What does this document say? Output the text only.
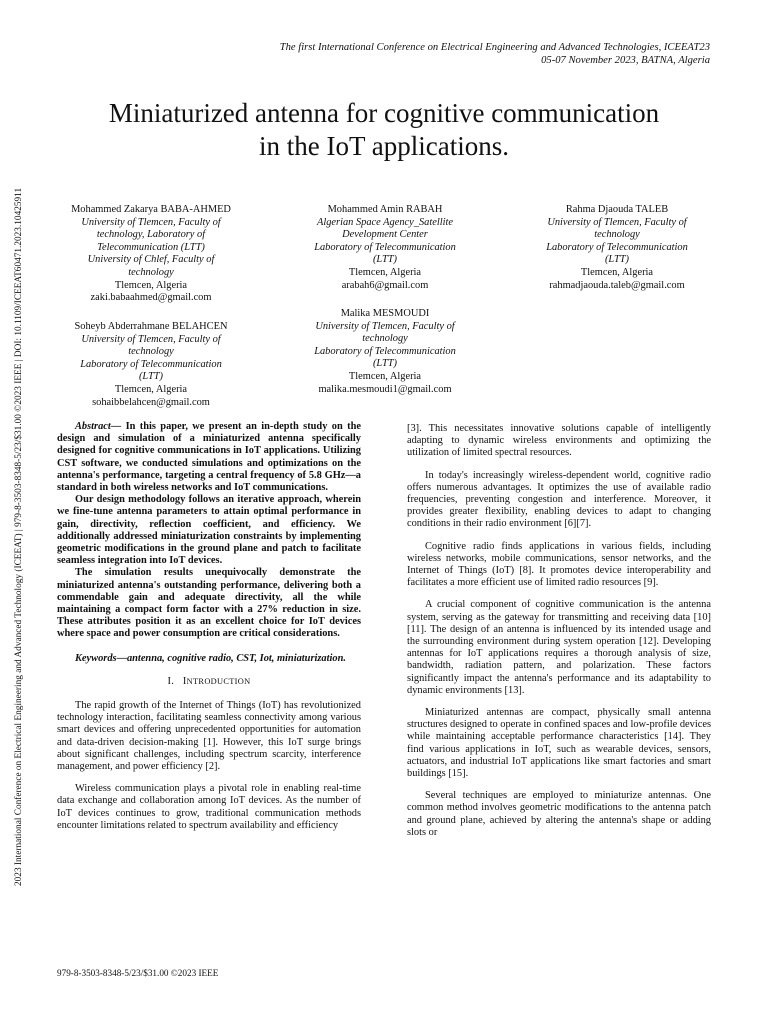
The first International Conference on Electrical Engineering and Advanced Technologies, ICEEAT23
05-07 November 2023, BATNA, Algeria
Miniaturized antenna for cognitive communication
in the IoT applications.
2023 International Conference on Electrical Engineering and Advanced Technology (ICEEAT) | 979-8-3503-8348-5/23/$31.00 ©2023 IEEE | DOI: 10.1109/ICEEAT60471.2023.10425911	Mohammed Zakarya BABA-AHMED
University of Tlemcen, Faculty of
technology, Laboratory of
Telecommunication (LTT)
University of Chlef, Faculty of
technology
Tlemcen, Algeria
zaki.babaahmed@gmail.com
Mohammed Amin RABAH
Algerian Space Agency_Satellite
Development Center
Laboratory of Telecommunication
(LTT)
Tlemcen, Algeria
arabah6@gmail.com
Rahma Djaouda TALEB
University of Tlemcen, Faculty of
technology
Laboratory of Telecommunication
(LTT)
Tlemcen, Algeria
rahmadjaouda.taleb@gmail.com
Soheyb Abderrahmane BELAHCEN
University of Tlemcen, Faculty of
technology
Laboratory of Telecommunication
(LTT)
Tlemcen, Algeria
sohaibbelahcen@gmail.com
Malika MESMOUDI
University of Tlemcen, Faculty of
technology
Laboratory of Telecommunication
(LTT)
Tlemcen, Algeria
malika.mesmoudi1@gmail.com

Abstract— In this paper, we present an in-depth study on the design and simulation of a miniaturized antenna specifically designed for cognitive communications in IoT applications. Utilizing CST software, we conducted simulations and optimizations on the antenna's performance, targeting a central frequency of 5.8 GHz—a standard in both wireless networks and IoT communications.

Our design methodology follows an iterative approach, wherein we fine-tune antenna parameters to attain optimal performance in gain, directivity, reflection coefficient, and efficiency. We additionally addressed miniaturization constraints by implementing geometric modifications in the ground plane and patch to facilitate seamless integration into IoT devices.

The simulation results unequivocally demonstrate the miniaturized antenna's outstanding performance, delivering both a commendable gain and adequate directivity, all the while maintaining a compact form factor with a 27% reduction in size. These attributes position it as an excellent choice for IoT devices where space and power consumption are critical considerations.

Keywords—antenna, cognitive radio, CST, Iot, miniaturization.

I. INTRODUCTION

The rapid growth of the Internet of Things (IoT) has revolutionized technology interaction, facilitating seamless connectivity among various smart devices and offering unprecedented opportunities for automation and data-driven decision-making [1]. However, this IoT surge brings about significant challenges, including spectrum scarcity, interference management, and power efficiency [2].

Wireless communication plays a pivotal role in enabling real-time data exchange and collaboration among IoT devices. As the number of IoT devices continues to grow, traditional communication methods encounter limitations related to spectrum availability and efficiency

[3]. This necessitates innovative solutions capable of intelligently adapting to dynamic wireless environments and optimizing the utilization of limited spectral resources.

In today's increasingly wireless-dependent world, cognitive radio offers numerous advantages. It optimizes the use of available radio frequencies, preventing congestion and interference. Moreover, it provides greater flexibility, enabling devices to adapt to changing conditions in their radio environment [6][7].

Cognitive radio finds applications in various fields, including wireless networks, mobile communications, sensor networks, and the Internet of Things (IoT) [8]. It promotes device interoperability and facilitates a more efficient use of limited radio resources [9].

A crucial component of cognitive communication is the antenna system, serving as the gateway for transmitting and receiving data [10][11]. The design of an antenna is influenced by its intended usage and the surrounding environment during system operation [12]. Developing antennas for IoT applications requires a thorough analysis of size, bandwidth, radiation pattern, and polarization. These factors significantly impact the antenna's performance and its adaptability to dynamic environments [13].

Miniaturized antennas are compact, physically small antenna structures designed to operate in confined spaces and low-profile devices while maintaining acceptable performance characteristics [14]. They find various applications in IoT, such as wearable devices, sensors, actuators, and industrial IoT applications like smart factories and smart buildings [15].

Several techniques are employed to miniaturize antennas. One common method involves geometric modifications to the antenna patch and ground plane, achieved by altering the antenna's shape or adding slots or

979-8-3503-8348-5/23/$31.00 ©2023 IEEE
